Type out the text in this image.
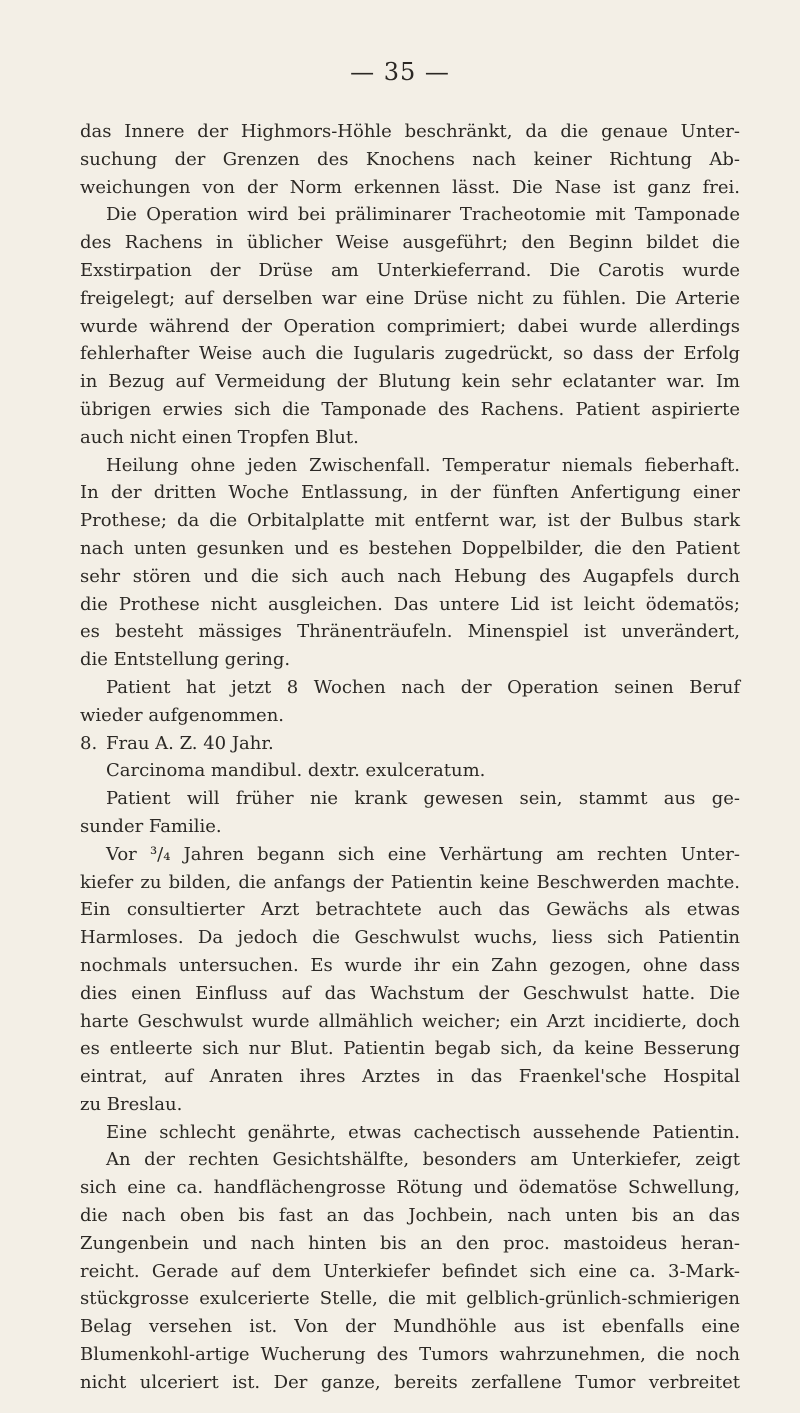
— 35 —
das Innere der Highmors-Höhle beschränkt, da die genaue Unter-
suchung der Grenzen des Knochens nach keiner Richtung Ab-
weichungen von der Norm erkennen lässt. Die Nase ist ganz frei.
Die Operation wird bei präliminarer Tracheotomie mit Tamponade
des Rachens in üblicher Weise ausgeführt; den Beginn bildet die
Exstirpation der Drüse am Unterkieferrand. Die Carotis wurde
freigelegt; auf derselben war eine Drüse nicht zu fühlen. Die Arterie
wurde während der Operation comprimiert; dabei wurde allerdings
fehlerhafter Weise auch die Iugularis zugedrückt, so dass der Erfolg
in Bezug auf Vermeidung der Blutung kein sehr eclatanter war. Im
übrigen erwies sich die Tamponade des Rachens. Patient aspirierte
auch nicht einen Tropfen Blut.
Heilung ohne jeden Zwischenfall. Temperatur niemals fieberhaft.
In der dritten Woche Entlassung, in der fünften Anfertigung einer
Prothese; da die Orbitalplatte mit entfernt war, ist der Bulbus stark
nach unten gesunken und es bestehen Doppelbilder, die den Patient
sehr stören und die sich auch nach Hebung des Augapfels durch
die Prothese nicht ausgleichen. Das untere Lid ist leicht ödematös;
es besteht mässiges Thränenträufeln. Minenspiel ist unverändert,
die Entstellung gering.
Patient hat jetzt 8 Wochen nach der Operation seinen Beruf
wieder aufgenommen.
8. Frau A. Z. 40 Jahr.
Carcinoma mandibul. dextr. exulceratum.
Patient will früher nie krank gewesen sein, stammt aus ge-
sunder Familie.
Vor ³/₄ Jahren begann sich eine Verhärtung am rechten Unter-
kiefer zu bilden, die anfangs der Patientin keine Beschwerden machte.
Ein consultierter Arzt betrachtete auch das Gewächs als etwas
Harmloses. Da jedoch die Geschwulst wuchs, liess sich Patientin
nochmals untersuchen. Es wurde ihr ein Zahn gezogen, ohne dass
dies einen Einfluss auf das Wachstum der Geschwulst hatte. Die
harte Geschwulst wurde allmählich weicher; ein Arzt incidierte, doch
es entleerte sich nur Blut. Patientin begab sich, da keine Besserung
eintrat, auf Anraten ihres Arztes in das Fraenkel'sche Hospital
zu Breslau.
Eine schlecht genährte, etwas cachectisch aussehende Patientin.
An der rechten Gesichtshälfte, besonders am Unterkiefer, zeigt
sich eine ca. handflächengrosse Rötung und ödematöse Schwellung,
die nach oben bis fast an das Jochbein, nach unten bis an das
Zungenbein und nach hinten bis an den proc. mastoideus heran-
reicht. Gerade auf dem Unterkiefer befindet sich eine ca. 3-Mark-
stückgrosse exulcerierte Stelle, die mit gelblich-grünlich-schmierigen
Belag versehen ist. Von der Mundhöhle aus ist ebenfalls eine
Blumenkohl-artige Wucherung des Tumors wahrzunehmen, die noch
nicht ulceriert ist. Der ganze, bereits zerfallene Tumor verbreitet
